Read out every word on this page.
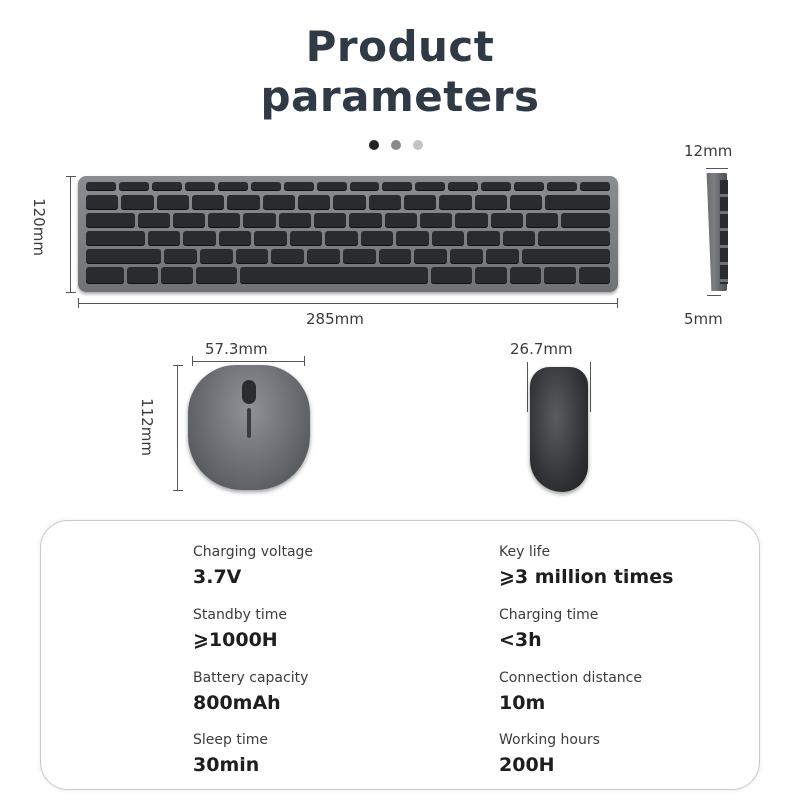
Product
parameters
120mm
285mm
12mm
5mm
57.3mm
112mm
26.7mm
Charging voltage
3.7V
Key life
⩾3 million times
Standby time
⩾1000H
Charging time
<3h
Battery capacity
800mAh
Connection distance
10m
Sleep time
30min
Working hours
200H
